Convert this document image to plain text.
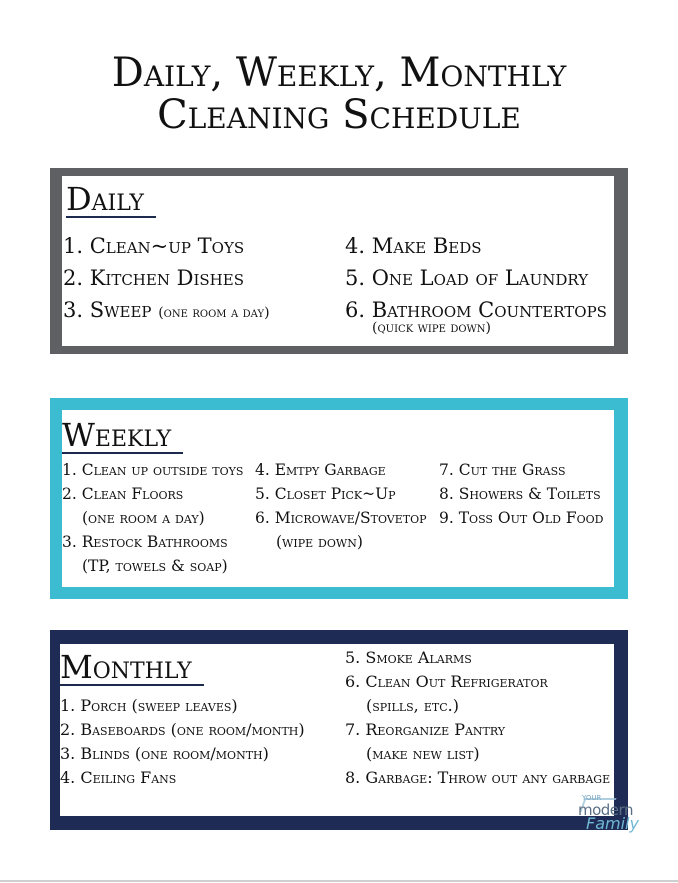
Daily, Weekly, Monthly
Cleaning Schedule
Daily
1. Clean~up Toys
2. Kitchen Dishes
3. Sweep (one room a day)
4. Make Beds
5. One Load of Laundry
6. Bathroom Countertops
(quick wipe down)
Weekly
1. Clean up outside toys
2. Clean Floors
(one room a day)
3. Restock Bathrooms
(TP, towels & soap)
4. Emtpy Garbage
5. Closet Pick~Up
6. Microwave/Stovetop
(wipe down)
7. Cut the Grass
8. Showers & Toilets
9. Toss Out Old Food
Monthly
1. Porch (sweep leaves)
2. Baseboards (one room/month)
3. Blinds (one room/month)
4. Ceiling Fans
5. Smoke Alarms
6. Clean Out Refrigerator
(spills, etc.)
7. Reorganize Pantry
(make new list)
8. Garbage: Throw out any garbage
YOUR
modern
Family
